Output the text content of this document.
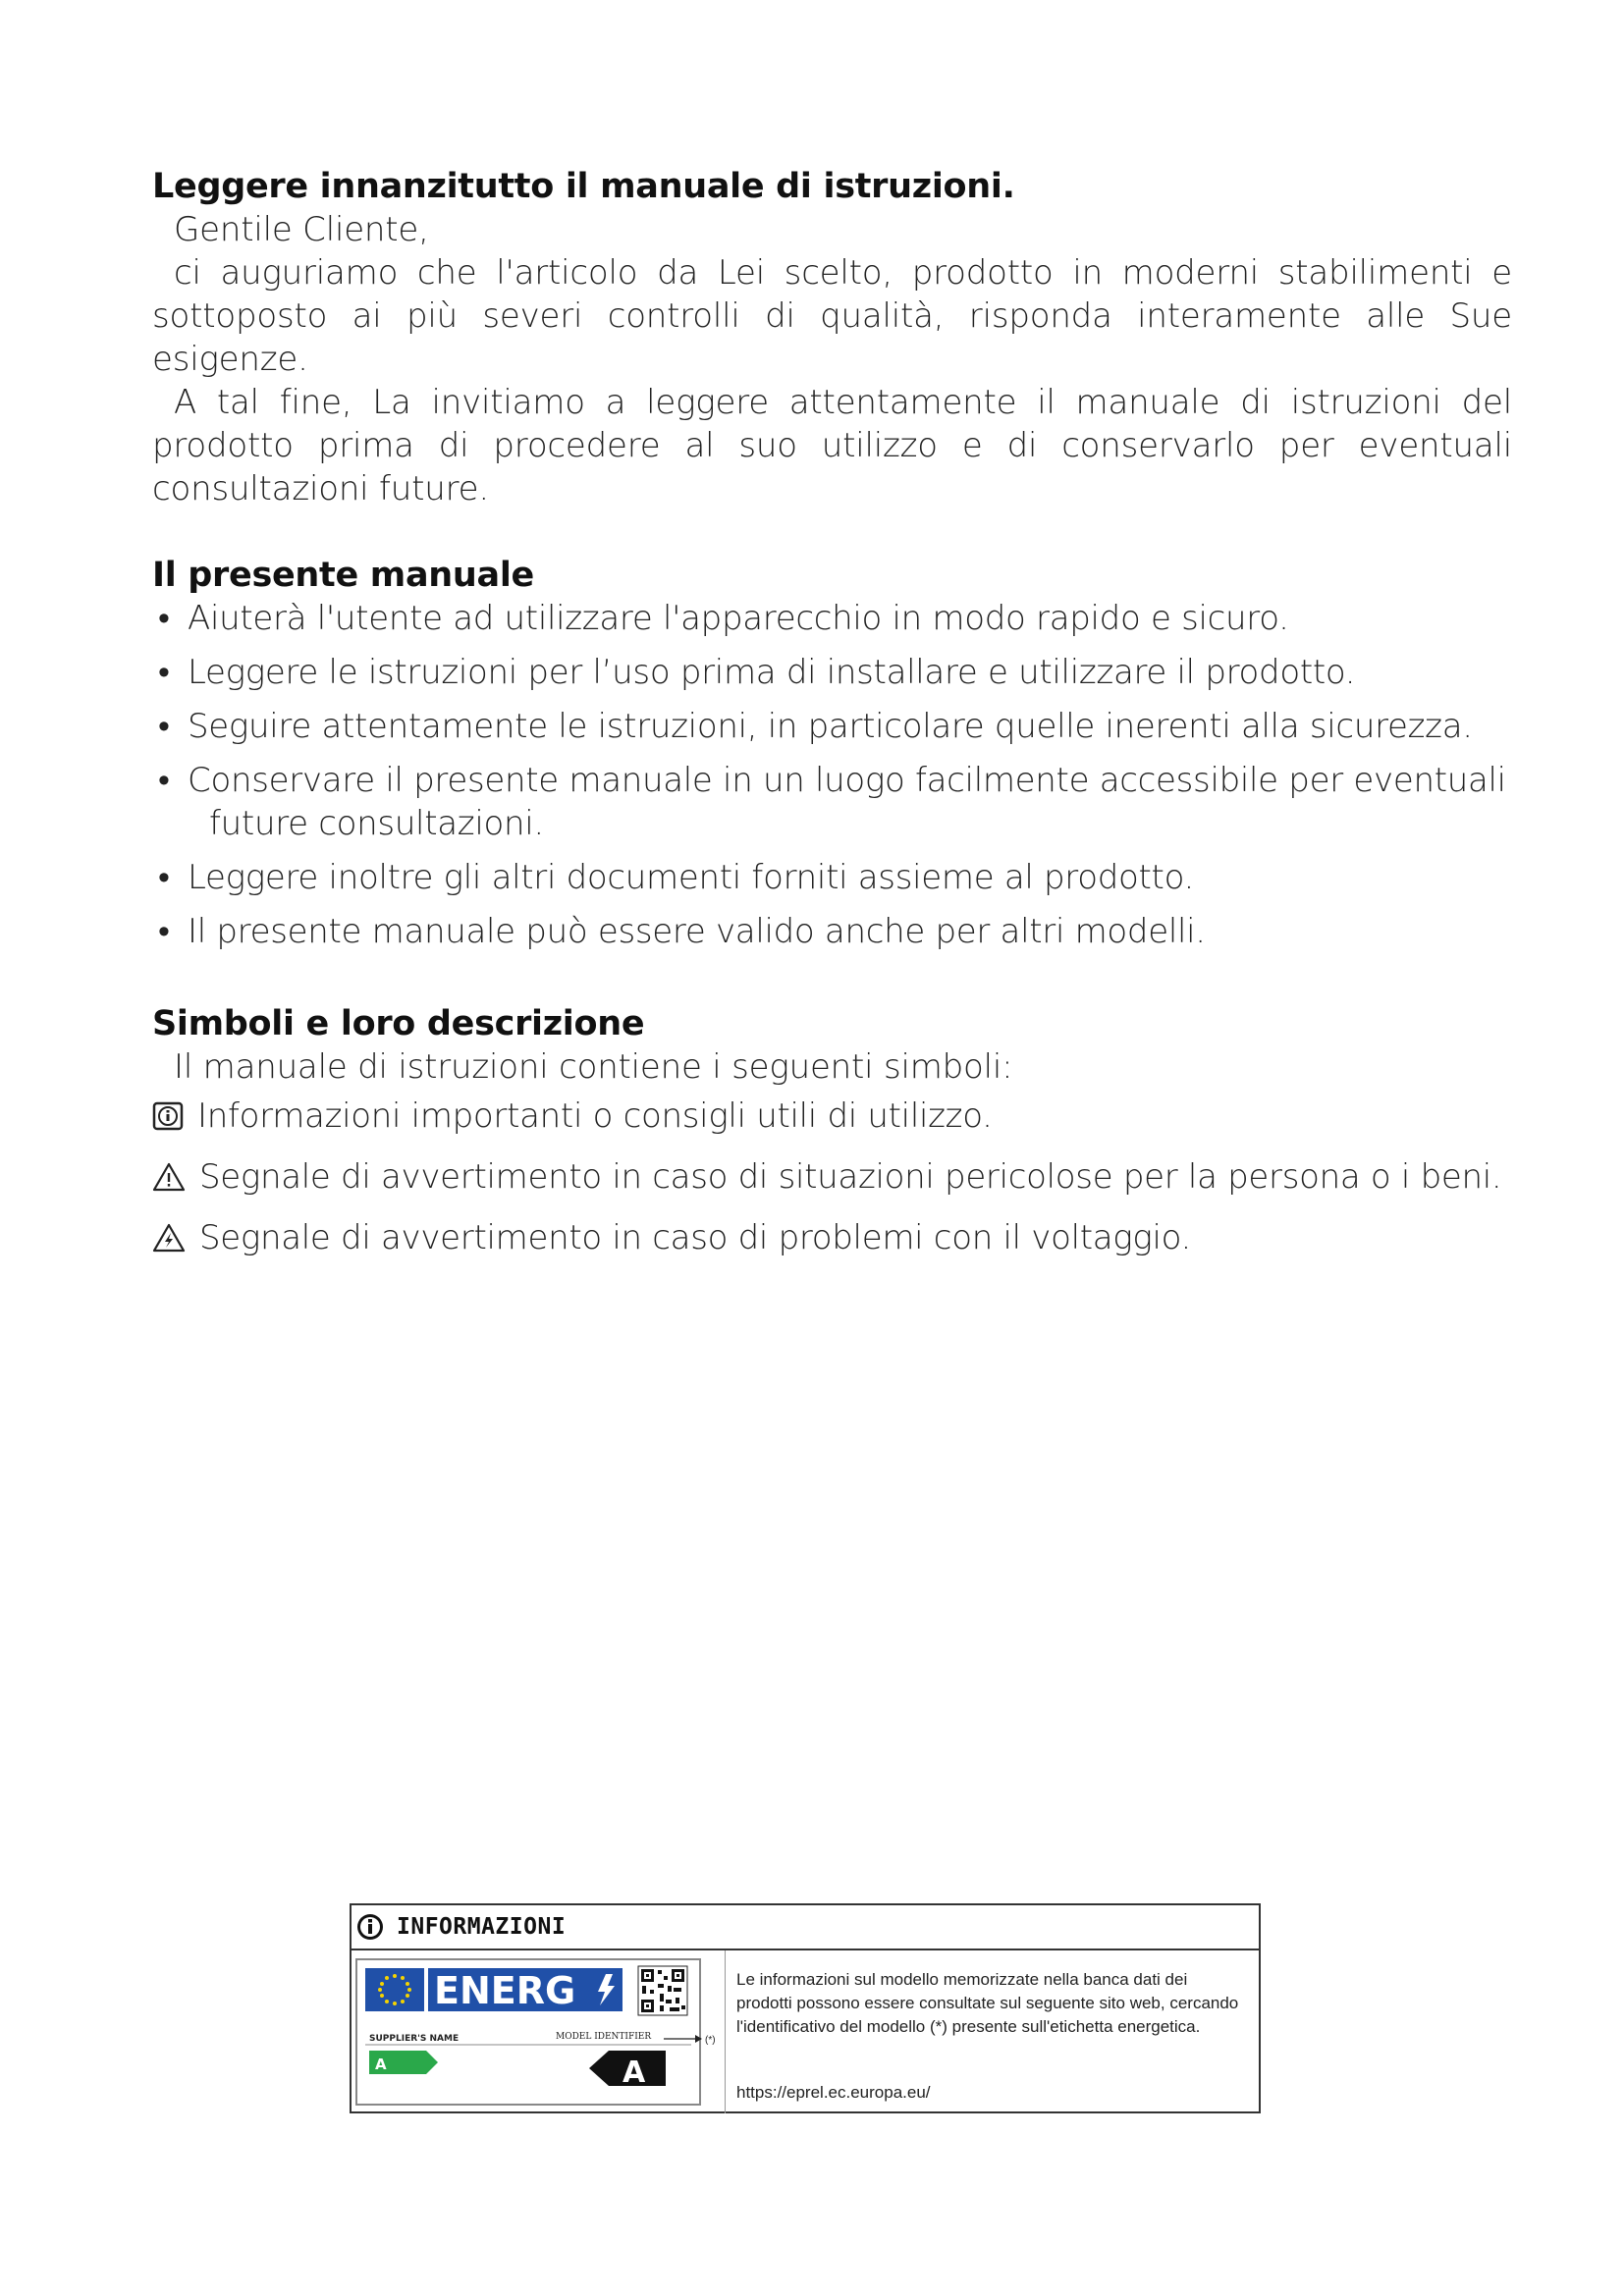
Leggere innanzitutto il manuale di istruzioni.

Gentile Cliente,

ci auguriamo che l'articolo da Lei scelto, prodotto in moderni stabilimenti e sottoposto ai più severi controlli di qualità, risponda interamente alle Sue esigenze.

A tal fine, La invitiamo a leggere attentamente il manuale di istruzioni del prodotto prima di procedere al suo utilizzo e di conservarlo per eventuali consultazioni future.

Il presente manuale
• Aiuterà l'utente ad utilizzare l'apparecchio in modo rapido e sicuro.
• Leggere le istruzioni per l’uso prima di installare e utilizzare il prodotto.
• Seguire attentamente le istruzioni, in particolare quelle inerenti alla sicurezza.
• Conservare il presente manuale in un luogo facilmente accessibile per eventuali
future consultazioni.
• Leggere inoltre gli altri documenti forniti assieme al prodotto.
• Il presente manuale può essere valido anche per altri modelli.
Simboli e loro descrizione

Il manuale di istruzioni contiene i seguenti simboli:

Informazioni importanti o consigli utili di utilizzo.
Segnale di avvertimento in caso di situazioni pericolose per la persona o i beni.
Segnale di avvertimento in caso di problemi con il voltaggio.
INFORMAZIONI
ENERG
SUPPLIER'S NAME	MODEL IDENTIFIER
A	A
(*)
Le informazioni sul modello memorizzate nella banca dati dei prodotti possono essere consultate sul seguente sito web, cercando l'identificativo del modello (*) presente sull'etichetta energetica.
https://eprel.ec.europa.eu/
